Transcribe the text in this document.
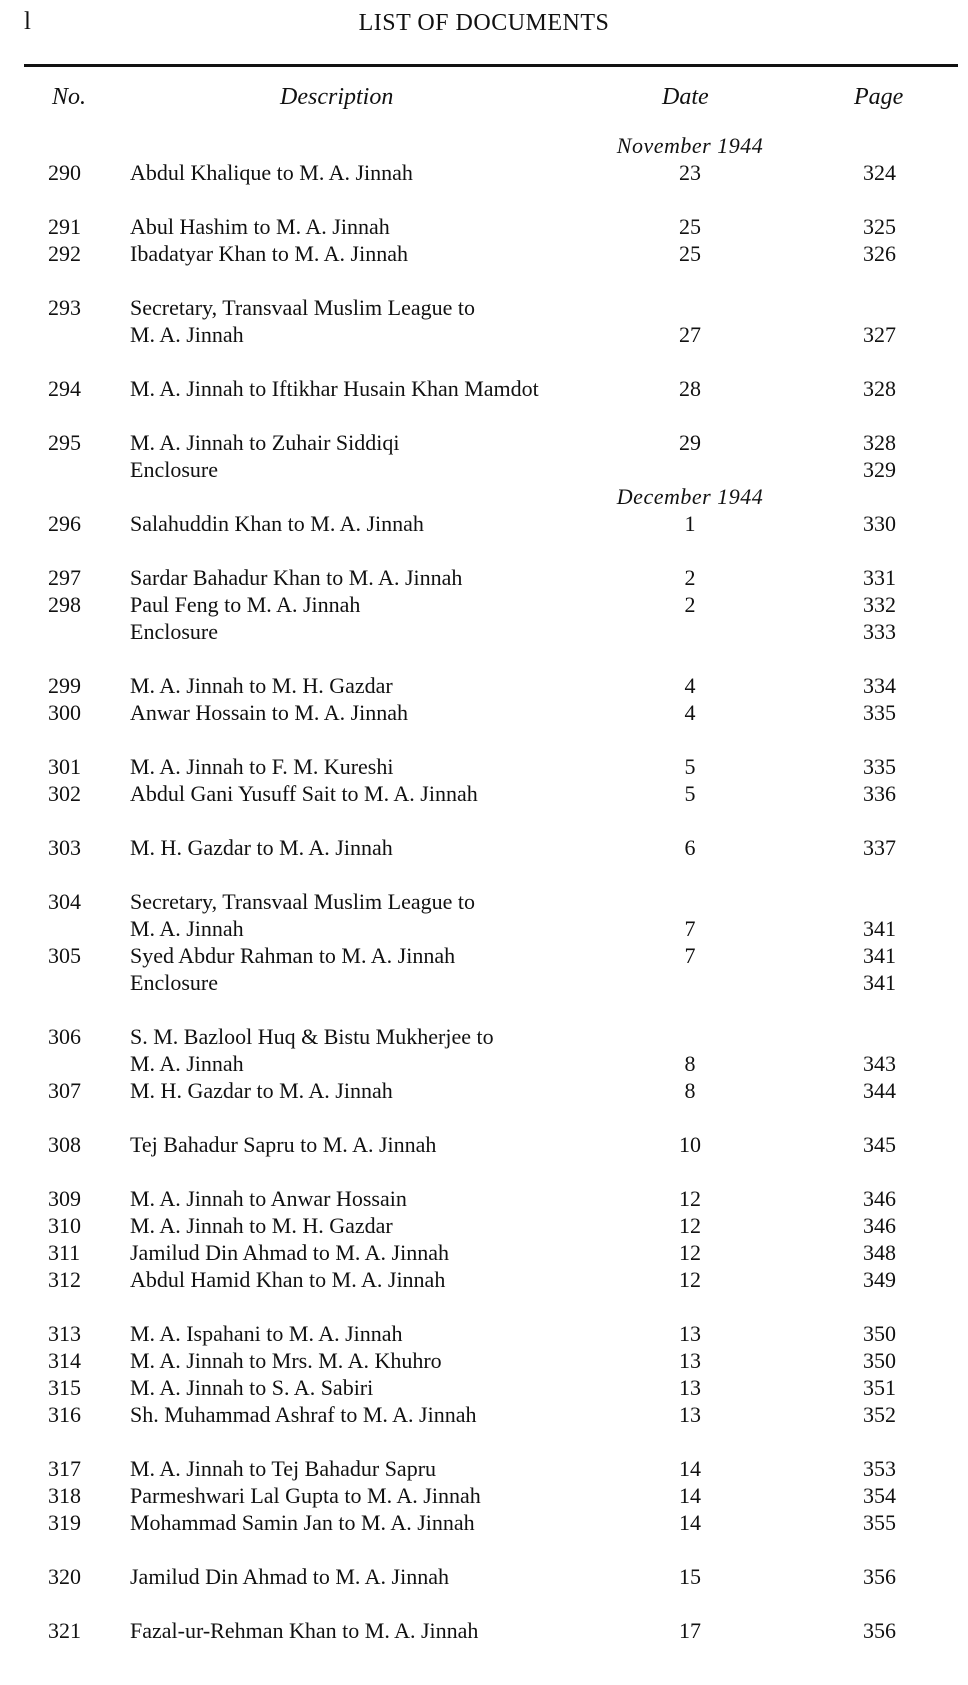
l	LIST OF DOCUMENTS
No.	Description	Date	Page
November 1944
290	Abdul Khalique to M. A. Jinnah	23	324
291	Abul Hashim to M. A. Jinnah	25	325
292	Ibadatyar Khan to M. A. Jinnah	25	326
293	Secretary, Transvaal Muslim League to
M. A. Jinnah	27	327
294	M. A. Jinnah to Iftikhar Husain Khan Mamdot	28	328
295	M. A. Jinnah to Zuhair Siddiqi	29	328
Enclosure	329
December 1944
296	Salahuddin Khan to M. A. Jinnah	1	330
297	Sardar Bahadur Khan to M. A. Jinnah	2	331
298	Paul Feng to M. A. Jinnah	2	332
Enclosure	333
299	M. A. Jinnah to M. H. Gazdar	4	334
300	Anwar Hossain to M. A. Jinnah	4	335
301	M. A. Jinnah to F. M. Kureshi	5	335
302	Abdul Gani Yusuff Sait to M. A. Jinnah	5	336
303	M. H. Gazdar to M. A. Jinnah	6	337
304	Secretary, Transvaal Muslim League to
M. A. Jinnah	7	341
305	Syed Abdur Rahman to M. A. Jinnah	7	341
Enclosure	341
306	S. M. Bazlool Huq & Bistu Mukherjee to
M. A. Jinnah	8	343
307	M. H. Gazdar to M. A. Jinnah	8	344
308	Tej Bahadur Sapru to M. A. Jinnah	10	345
309	M. A. Jinnah to Anwar Hossain	12	346
310	M. A. Jinnah to M. H. Gazdar	12	346
311	Jamilud Din Ahmad to M. A. Jinnah	12	348
312	Abdul Hamid Khan to M. A. Jinnah	12	349
313	M. A. Ispahani to M. A. Jinnah	13	350
314	M. A. Jinnah to Mrs. M. A. Khuhro	13	350
315	M. A. Jinnah to S. A. Sabiri	13	351
316	Sh. Muhammad Ashraf to M. A. Jinnah	13	352
317	M. A. Jinnah to Tej Bahadur Sapru	14	353
318	Parmeshwari Lal Gupta to M. A. Jinnah	14	354
319	Mohammad Samin Jan to M. A. Jinnah	14	355
320	Jamilud Din Ahmad to M. A. Jinnah	15	356
321	Fazal-ur-Rehman Khan to M. A. Jinnah	17	356
